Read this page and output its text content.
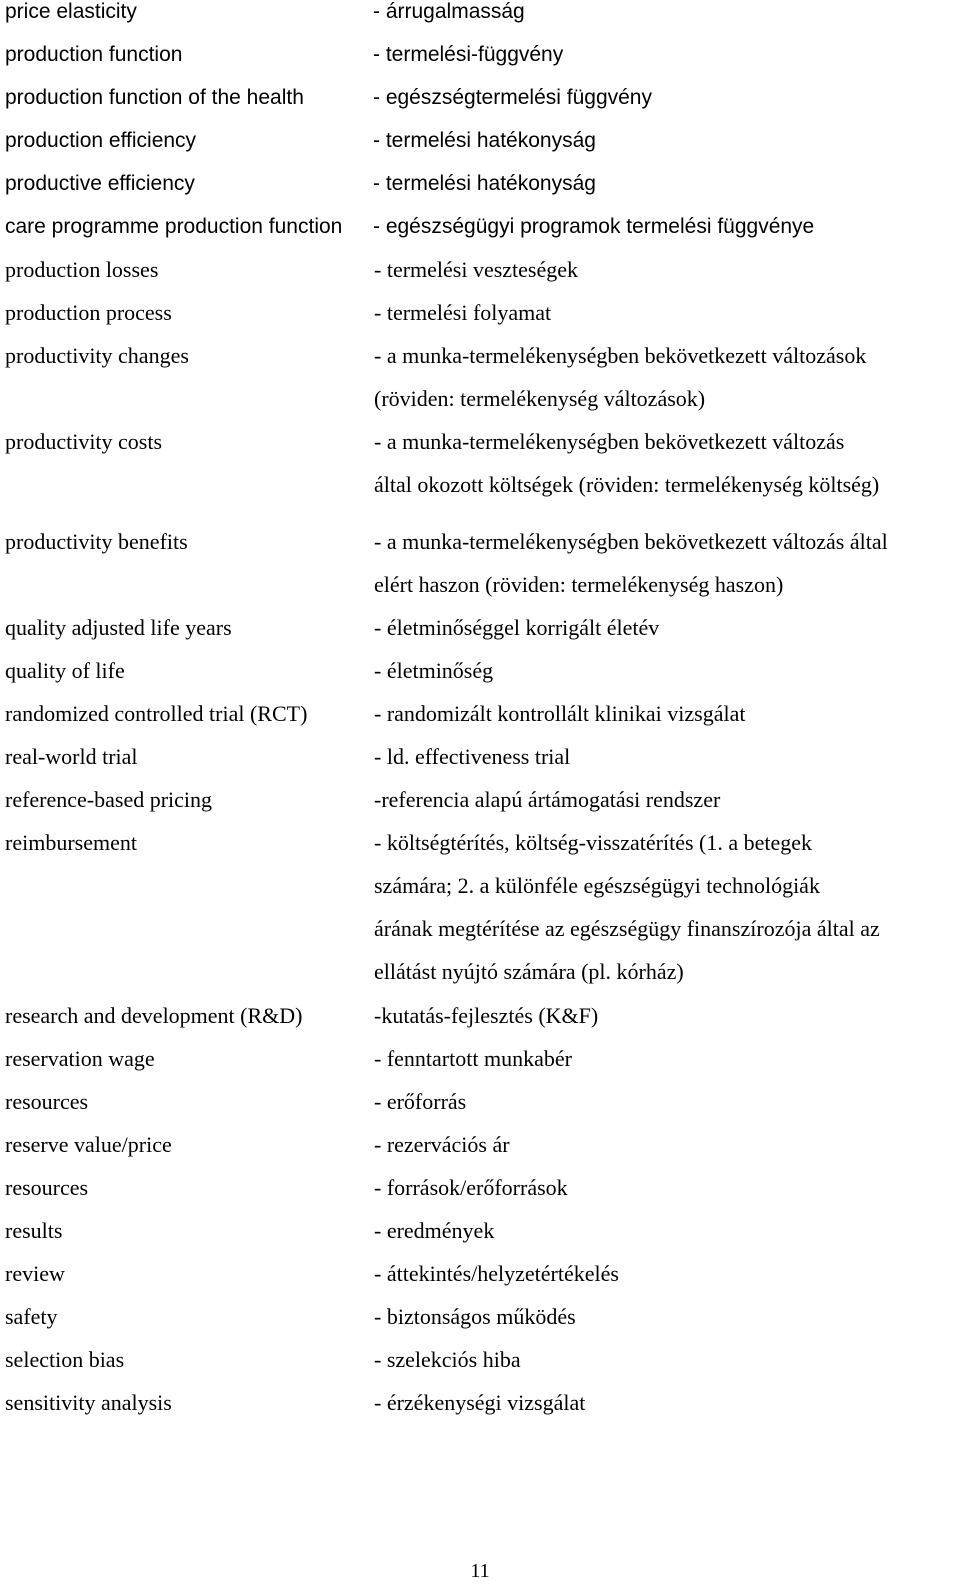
price elasticity	- árrugalmasság
production function	- termelési-függvény
production function of the health	- egészségtermelési függvény
production efficiency	- termelési hatékonyság
productive efficiency	- termelési hatékonyság
care programme production function - egészségügyi programok termelési függvénye
production losses	- termelési veszteségek
production process	- termelési folyamat
productivity changes	- a munka-termelékenységben bekövetkezett változások
(röviden: termelékenység változások)
productivity costs	- a munka-termelékenységben bekövetkezett változás
által okozott költségek (röviden: termelékenység költség)
productivity benefits	- a munka-termelékenységben bekövetkezett változás által
elért haszon (röviden: termelékenység haszon)
quality adjusted life years	- életminőséggel korrigált életév
quality of life	- életminőség
randomized controlled trial (RCT)	- randomizált kontrollált klinikai vizsgálat
real-world trial	- ld. effectiveness trial
reference-based pricing	-referencia alapú ártámogatási rendszer
reimbursement	- költségtérítés, költség-visszatérítés (1. a betegek
számára; 2. a különféle egészségügyi technológiák
árának megtérítése az egészségügy finanszírozója által az
ellátást nyújtó számára (pl. kórház)
research and development (R&D)	-kutatás-fejlesztés (K&F)
reservation wage	- fenntartott munkabér
resources	- erőforrás
reserve value/price	- rezervációs ár
resources	- források/erőforrások
results	- eredmények
review	- áttekintés/helyzetértékelés
safety	- biztonságos működés
selection bias	- szelekciós hiba
sensitivity analysis	- érzékenységi vizsgálat
11
